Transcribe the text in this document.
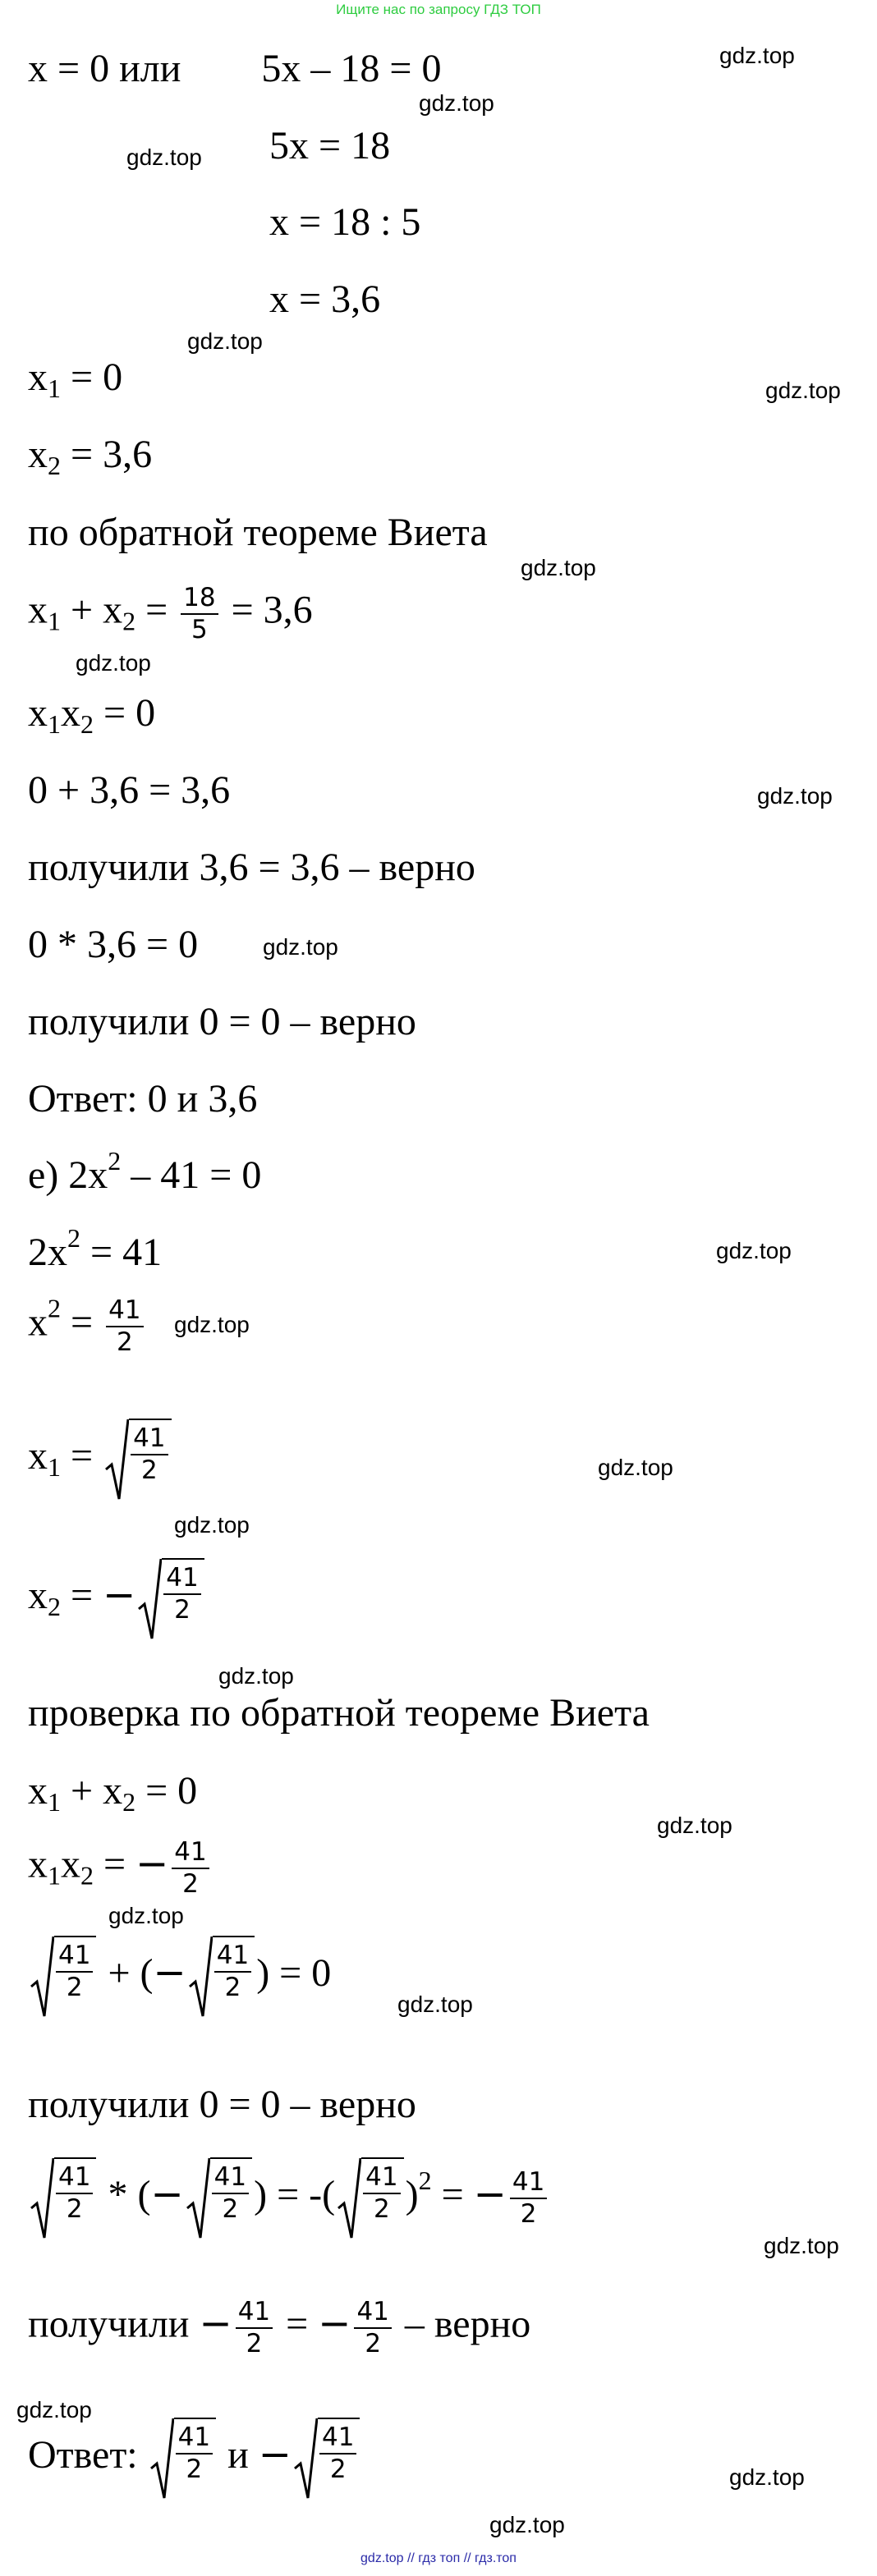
Ищите нас по запросу ГДЗ ТОП
x = 0 или 5x – 18 = 0
5x = 18
x = 18 : 5
x = 3,6
$x_1 = 0$
$x_2 = 3,6$
по обратной теореме Виета
$x_1 + x_2 = \frac{18}{5} = 3,6$
$x_1x_2 = 0$
0 + 3,6 = 3,6
получили 3,6 = 3,6 – верно
0 * 3,6 = 0
получили 0 = 0 – верно
Ответ: 0 и 3,6
е) $2x^2 - 41 = 0$
$2x^2 = 41$
$x^2 = \frac{41}{2}$
$x_1 = \frac{41}{2}$
$x_2$ = − $\frac{41}{2}$
проверка по обратной теореме Виета
$x_1 + x_2 = 0$
$x_1x_2$ = − $\frac{41}{2}$
$\frac{41}{2}$ + (− $\frac{41}{2}$ ) = 0
получили 0 = 0 – верно
$\frac{41}{2}$ * (− $\frac{41}{2}$ ) = -( $\frac{41}{2} )^2$ = − $\frac{41}{2}$
получили − $\frac{41}{2}$ = − $\frac{41}{2}$ – верно
Ответ: $\frac{41}{2}$ $и - \frac{41}{2}$
gdz.top
gdz.top
gdz.top
gdz.top
gdz.top
gdz.top
gdz.top
gdz.top
gdz.top
gdz.top
gdz.top
gdz.top
gdz.top
gdz.top
gdz.top
gdz.top
gdz.top
gdz.top
gdz.top
gdz.top
gdz.top
gdz.top // гдз топ // гдз.топ
